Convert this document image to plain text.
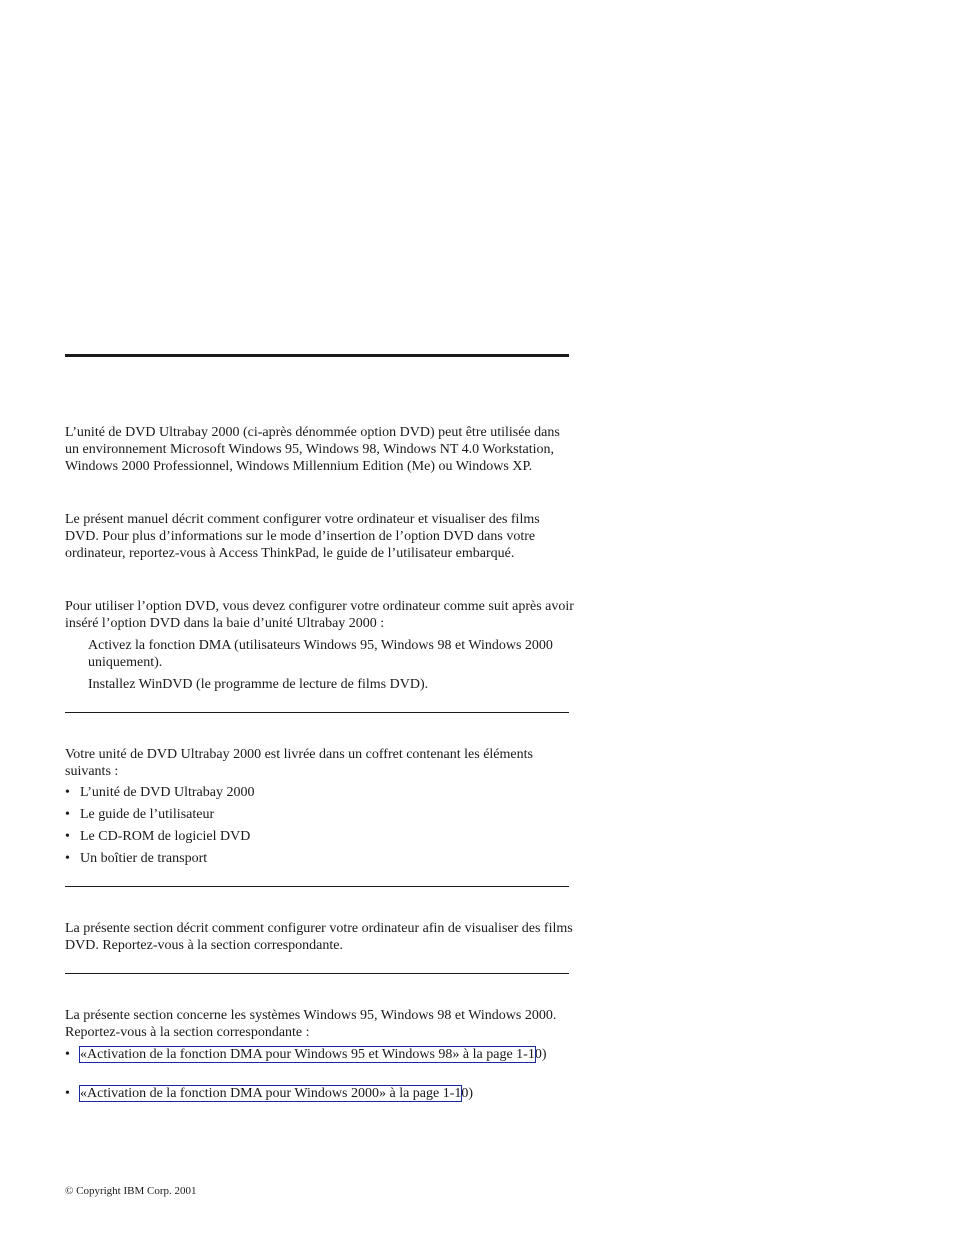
L’unité de DVD Ultrabay 2000 (ci-après dénommée option DVD) peut être utilisée dans un environnement Microsoft Windows 95, Windows 98, Windows NT 4.0 Workstation, Windows 2000 Professionnel, Windows Millennium Edition (Me) ou Windows XP.

Le présent manuel décrit comment configurer votre ordinateur et visualiser des films DVD. Pour plus d’informations sur le mode d’insertion de l’option DVD dans votre ordinateur, reportez-vous à Access ThinkPad, le guide de l’utilisateur embarqué.

Pour utiliser l’option DVD, vous devez configurer votre ordinateur comme suit après avoir inséré l’option DVD dans la baie d’unité Ultrabay 2000 :

Activez la fonction DMA (utilisateurs Windows 95, Windows 98 et Windows 2000 uniquement).

Installez WinDVD (le programme de lecture de films DVD).

Votre unité de DVD Ultrabay 2000 est livrée dans un coffret contenant les éléments suivants :

• L’unité de DVD Ultrabay 2000
• Le guide de l’utilisateur
• Le CD-ROM de logiciel DVD
• Un boîtier de transport

La présente section décrit comment configurer votre ordinateur afin de visualiser des films DVD. Reportez-vous à la section correspondante.

La présente section concerne les systèmes Windows 95, Windows 98 et Windows 2000. Reportez-vous à la section correspondante :

• «Activation de la fonction DMA pour Windows 95 et Windows 98» à la page 1-10)
• «Activation de la fonction DMA pour Windows 2000» à la page 1-10)
© Copyright IBM Corp. 2001
